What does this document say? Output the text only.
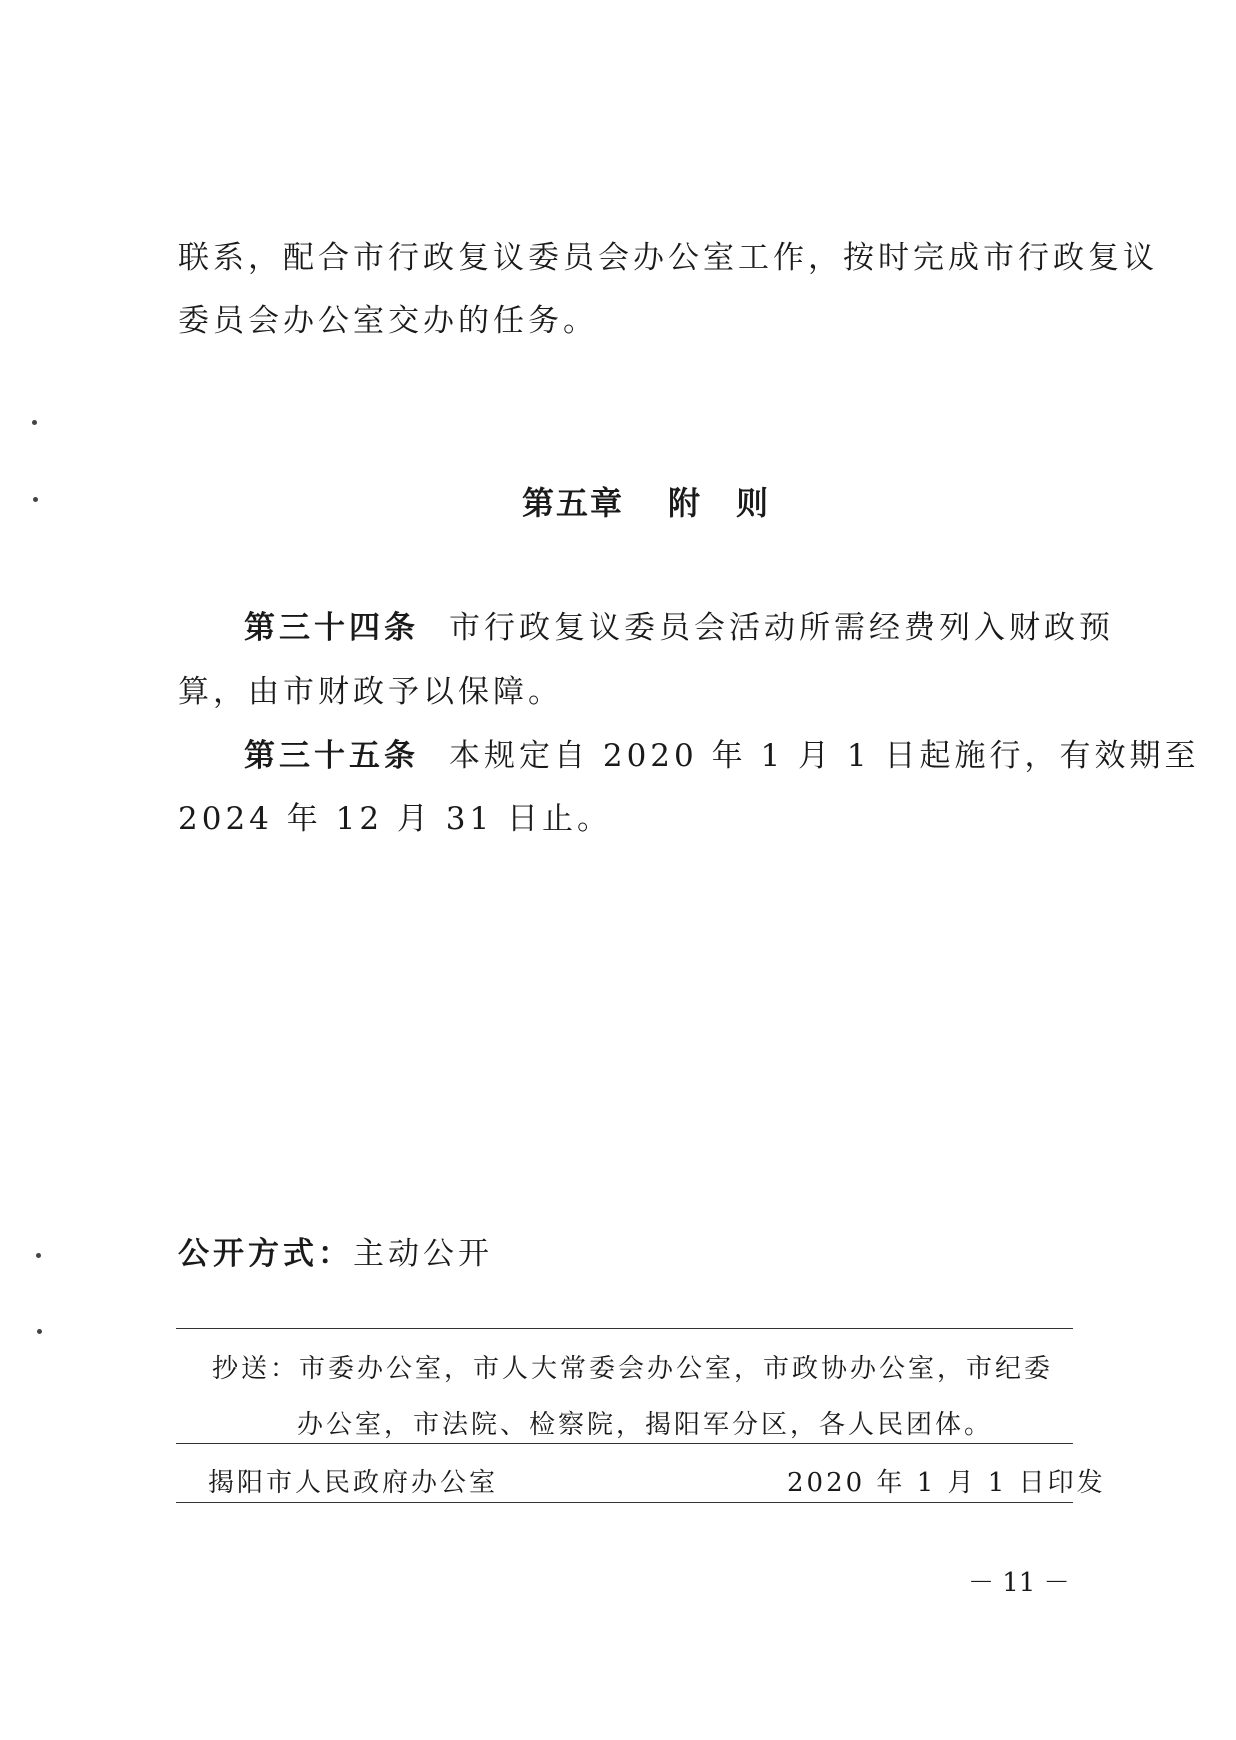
联系，配合市行政复议委员会办公室工作，按时完成市行政复议
委员会办公室交办的任务。
第五章 附　则
第三十四条 市行政复议委员会活动所需经费列入财政预
算，由市财政予以保障。
第三十五条 本规定自 2020 年 1 月 1 日起施行，有效期至
2024 年 12 月 31 日止。
公开方式：主动公开
抄送：市委办公室，市人大常委会办公室，市政协办公室，市纪委
办公室，市法院、检察院，揭阳军分区，各人民团体。
揭阳市人民政府办公室	2020 年 1 月 1 日印发
－ 11 －
